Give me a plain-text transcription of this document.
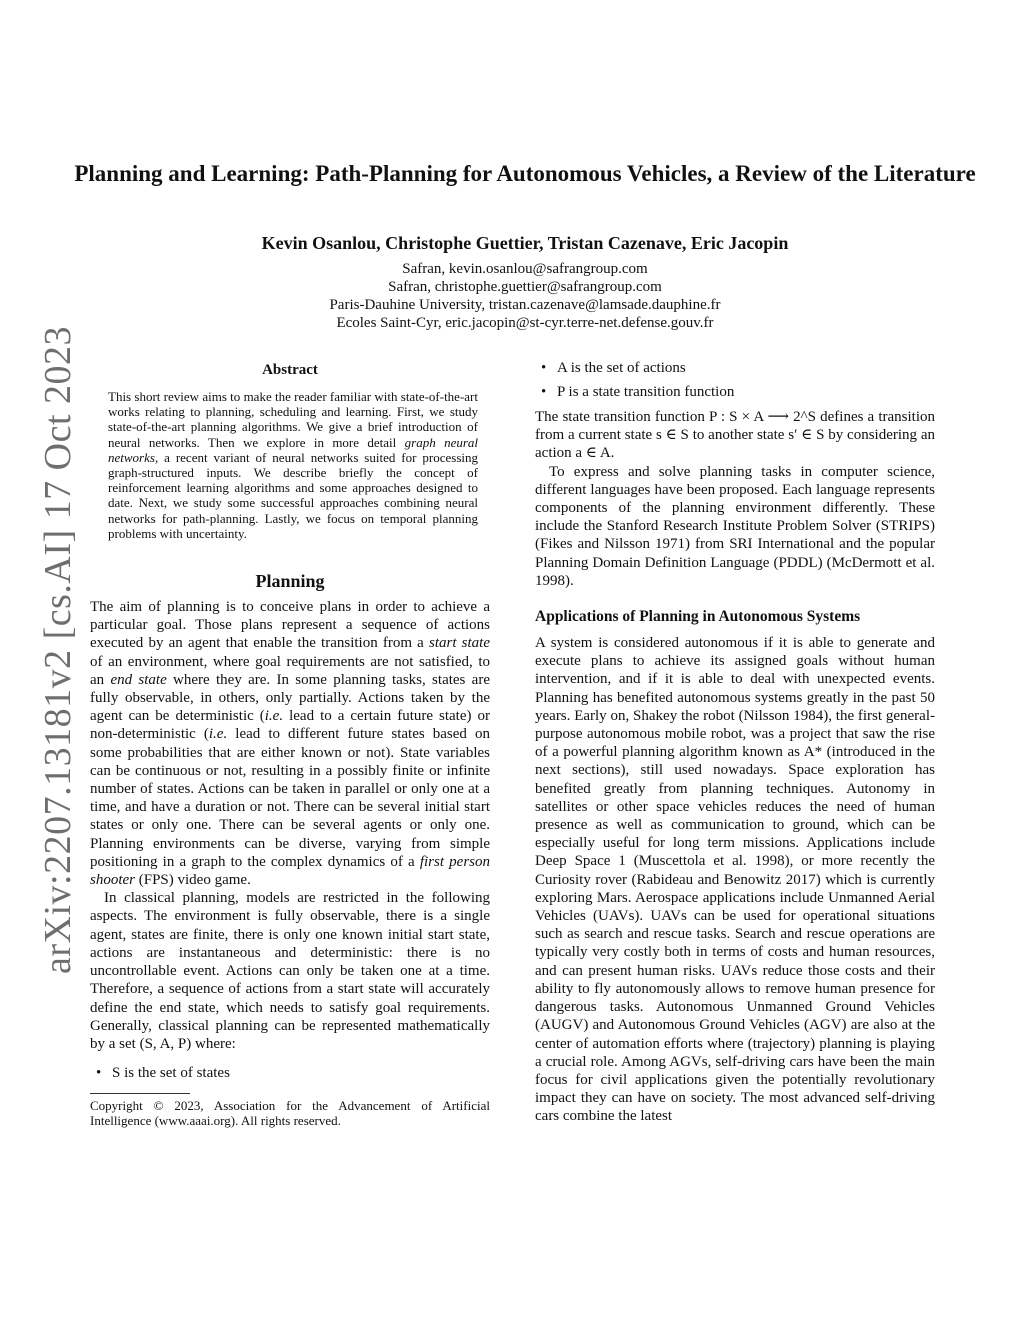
arXiv:2207.13181v2 [cs.AI] 17 Oct 2023
Planning and Learning: Path-Planning for Autonomous Vehicles, a Review of the Literature
Kevin Osanlou, Christophe Guettier, Tristan Cazenave, Eric Jacopin
Safran, kevin.osanlou@safrangroup.com
Safran, christophe.guettier@safrangroup.com
Paris-Dauhine University, tristan.cazenave@lamsade.dauphine.fr
Ecoles Saint-Cyr, eric.jacopin@st-cyr.terre-net.defense.gouv.fr
Abstract

This short review aims to make the reader familiar with state-of-the-art works relating to planning, scheduling and learning. First, we study state-of-the-art planning algorithms. We give a brief introduction of neural networks. Then we explore in more detail graph neural networks, a recent variant of neural networks suited for processing graph-structured inputs. We describe briefly the concept of reinforcement learning algorithms and some approaches designed to date. Next, we study some successful approaches combining neural networks for path-planning. Lastly, we focus on temporal planning problems with uncertainty.

Planning

The aim of planning is to conceive plans in order to achieve a particular goal. Those plans represent a sequence of actions executed by an agent that enable the transition from a start state of an environment, where goal requirements are not satisfied, to an end state where they are. In some planning tasks, states are fully observable, in others, only partially. Actions taken by the agent can be deterministic (i.e. lead to a certain future state) or non-deterministic (i.e. lead to different future states based on some probabilities that are either known or not). State variables can be continuous or not, resulting in a possibly finite or infinite number of states. Actions can be taken in parallel or only one at a time, and have a duration or not. There can be several initial start states or only one. There can be several agents or only one. Planning environments can be diverse, varying from simple positioning in a graph to the complex dynamics of a first person shooter (FPS) video game.

In classical planning, models are restricted in the following aspects. The environment is fully observable, there is a single agent, states are finite, there is only one known initial start state, actions are instantaneous and deterministic: there is no uncontrollable event. Actions can only be taken one at a time. Therefore, a sequence of actions from a start state will accurately define the end state, which needs to satisfy goal requirements. Generally, classical planning can be represented mathematically by a set (S, A, P) where:

• S is the set of states
Copyright © 2023, Association for the Advancement of Artificial Intelligence (www.aaai.org). All rights reserved.
• A is the set of actions
• P is a state transition function

The state transition function P : S × A ⟶ 2^S defines a transition from a current state s ∈ S to another state s′ ∈ S by considering an action a ∈ A.

To express and solve planning tasks in computer science, different languages have been proposed. Each language represents components of the planning environment differently. These include the Stanford Research Institute Problem Solver (STRIPS) (Fikes and Nilsson 1971) from SRI International and the popular Planning Domain Definition Language (PDDL) (McDermott et al. 1998).

Applications of Planning in Autonomous Systems

A system is considered autonomous if it is able to generate and execute plans to achieve its assigned goals without human intervention, and if it is able to deal with unexpected events. Planning has benefited autonomous systems greatly in the past 50 years. Early on, Shakey the robot (Nilsson 1984), the first general-purpose autonomous mobile robot, was a project that saw the rise of a powerful planning algorithm known as A* (introduced in the next sections), still used nowadays. Space exploration has benefited greatly from planning techniques. Autonomy in satellites or other space vehicles reduces the need of human presence as well as communication to ground, which can be especially useful for long term missions. Applications include Deep Space 1 (Muscettola et al. 1998), or more recently the Curiosity rover (Rabideau and Benowitz 2017) which is currently exploring Mars. Aerospace applications include Unmanned Aerial Vehicles (UAVs). UAVs can be used for operational situations such as search and rescue tasks. Search and rescue operations are typically very costly both in terms of costs and human resources, and can present human risks. UAVs reduce those costs and their ability to fly autonomously allows to remove human presence for dangerous tasks. Autonomous Unmanned Ground Vehicles (AUGV) and Autonomous Ground Vehicles (AGV) are also at the center of automation efforts where (trajectory) planning is playing a crucial role. Among AGVs, self-driving cars have been the main focus for civil applications given the potentially revolutionary impact they can have on society. The most advanced self-driving cars combine the latest
